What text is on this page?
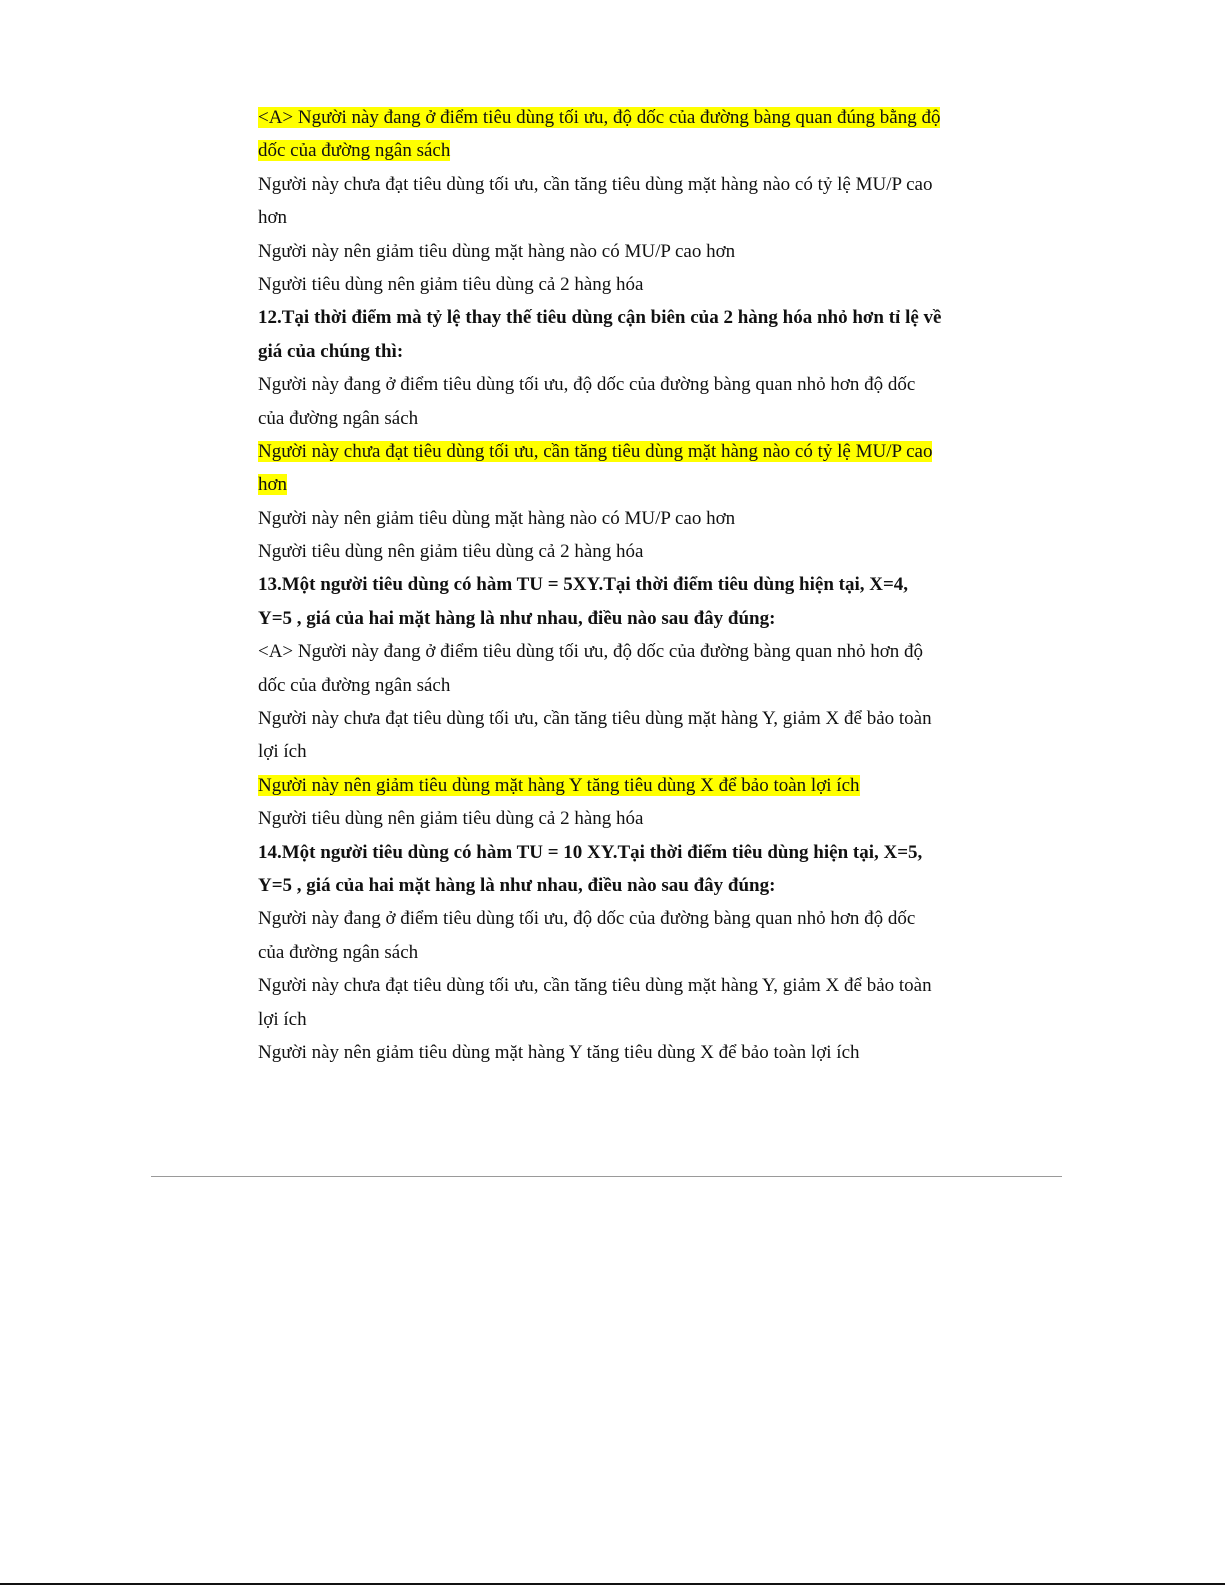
<A> Người này đang ở điểm tiêu dùng tối ưu, độ dốc của đường bàng quan đúng bằng độ
dốc của đường ngân sách
Người này chưa đạt tiêu dùng tối ưu, cần tăng tiêu dùng mặt hàng nào có tỷ lệ MU/P cao
hơn
Người này nên giảm tiêu dùng mặt hàng nào có MU/P cao hơn
Người tiêu dùng nên giảm tiêu dùng cả 2 hàng hóa
12.Tại thời điểm mà tỷ lệ thay thế tiêu dùng cận biên của 2 hàng hóa nhỏ hơn tỉ lệ về
giá của chúng thì:
Người này đang ở điểm tiêu dùng tối ưu, độ dốc của đường bàng quan nhỏ hơn độ dốc
của đường ngân sách
Người này chưa đạt tiêu dùng tối ưu, cần tăng tiêu dùng mặt hàng nào có tỷ lệ MU/P cao
hơn
Người này nên giảm tiêu dùng mặt hàng nào có MU/P cao hơn
Người tiêu dùng nên giảm tiêu dùng cả 2 hàng hóa
13.Một người tiêu dùng có hàm TU = 5XY.Tại thời điểm tiêu dùng hiện tại, X=4,
Y=5 , giá của hai mặt hàng là như nhau, điều nào sau đây đúng:
<A> Người này đang ở điểm tiêu dùng tối ưu, độ dốc của đường bàng quan nhỏ hơn độ
dốc của đường ngân sách
Người này chưa đạt tiêu dùng tối ưu, cần tăng tiêu dùng mặt hàng Y, giảm X để bảo toàn
lợi ích
Người này nên giảm tiêu dùng mặt hàng Y tăng tiêu dùng X để bảo toàn lợi ích
Người tiêu dùng nên giảm tiêu dùng cả 2 hàng hóa
14.Một người tiêu dùng có hàm TU = 10 XY.Tại thời điểm tiêu dùng hiện tại, X=5,
Y=5 , giá của hai mặt hàng là như nhau, điều nào sau đây đúng:
Người này đang ở điểm tiêu dùng tối ưu, độ dốc của đường bàng quan nhỏ hơn độ dốc
của đường ngân sách
Người này chưa đạt tiêu dùng tối ưu, cần tăng tiêu dùng mặt hàng Y, giảm X để bảo toàn
lợi ích
Người này nên giảm tiêu dùng mặt hàng Y tăng tiêu dùng X để bảo toàn lợi ích
